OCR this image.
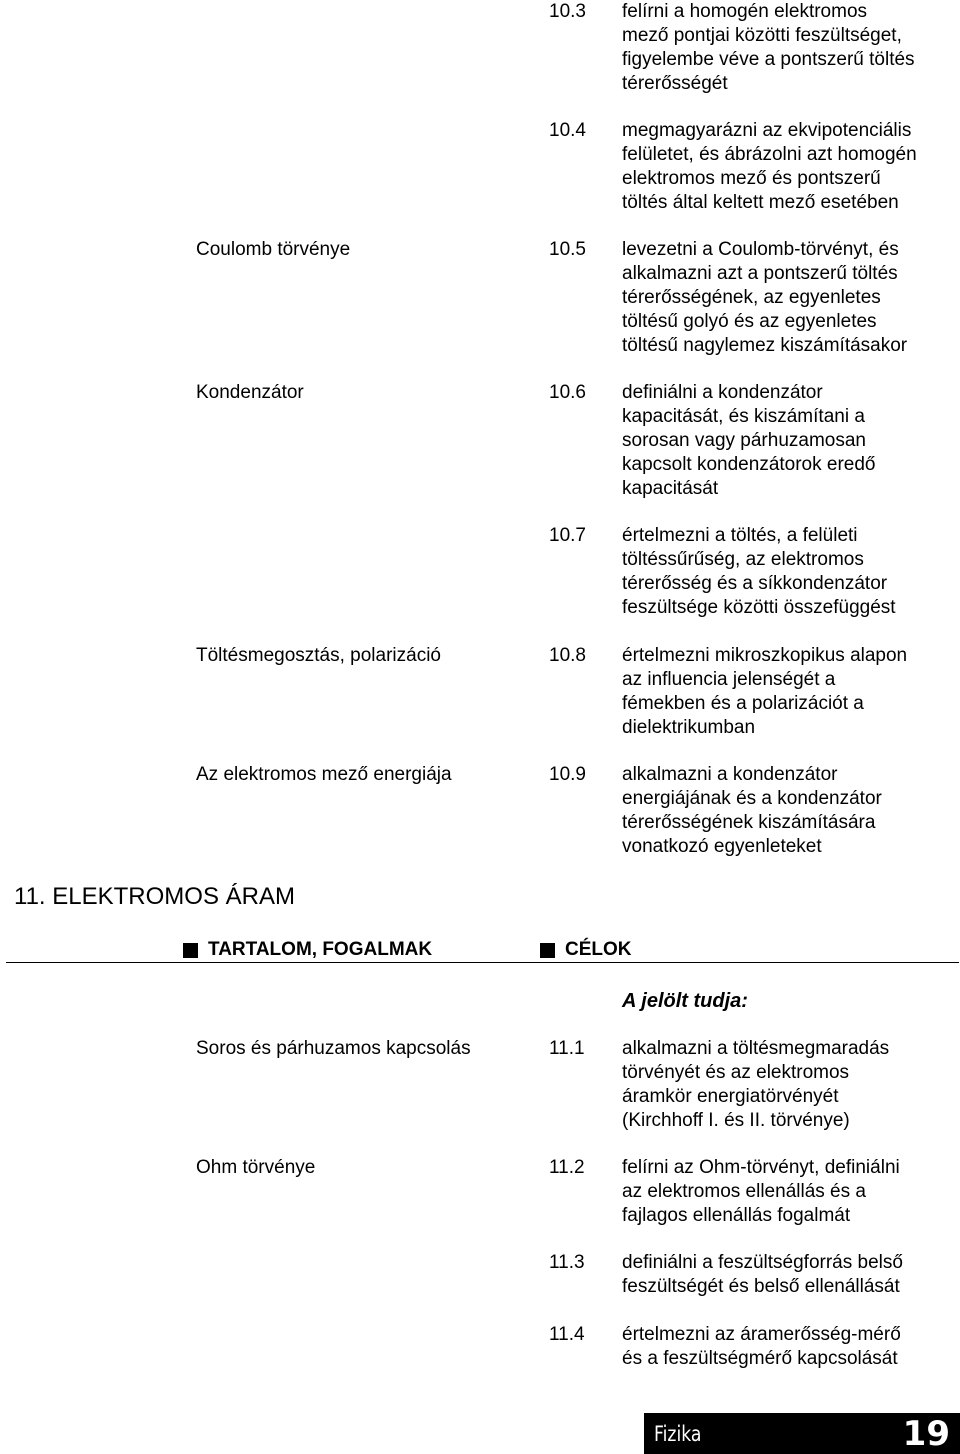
10.3 felírni a homogén elektromos
mező pontjai közötti feszültséget,
figyelembe véve a pontszerű töltés
térerősségét
10.4 megmagyarázni az ekvipotenciális
felületet, és ábrázolni azt homogén
elektromos mező és pontszerű
töltés által keltett mező esetében
Coulomb törvénye	10.5 levezetni a Coulomb-törvényt, és
alkalmazni azt a pontszerű töltés
térerősségének, az egyenletes
töltésű golyó és az egyenletes
töltésű nagylemez kiszámításakor
Kondenzátor	10.6 definiálni a kondenzátor
kapacitását, és kiszámítani a
sorosan vagy párhuzamosan
kapcsolt kondenzátorok eredő
kapacitását
10.7 értelmezni a töltés, a felületi
töltéssűrűség, az elektromos
térerősség és a síkkondenzátor
feszültsége közötti összefüggést
Töltésmegosztás, polarizáció	10.8 értelmezni mikroszkopikus alapon
az influencia jelenségét a
fémekben és a polarizációt a
dielektrikumban
Az elektromos mező energiája	10.9 alkalmazni a kondenzátor
energiájának és a kondenzátor
térerősségének kiszámítására
vonatkozó egyenleteket
11. ELEKTROMOS ÁRAM
TARTALOM, FOGALMAK	CÉLOK
A jelölt tudja:
Soros és párhuzamos kapcsolás	11.1 alkalmazni a töltésmegmaradás
törvényét és az elektromos
áramkör energiatörvényét
(Kirchhoff I. és II. törvénye)
Ohm törvénye	11.2 felírni az Ohm-törvényt, definiálni
az elektromos ellenállás és a
fajlagos ellenállás fogalmát
11.3 definiálni a feszültségforrás belső
feszültségét és belső ellenállását
11.4 értelmezni az áramerősség-mérő
és a feszültségmérő kapcsolását
Fizika	19
